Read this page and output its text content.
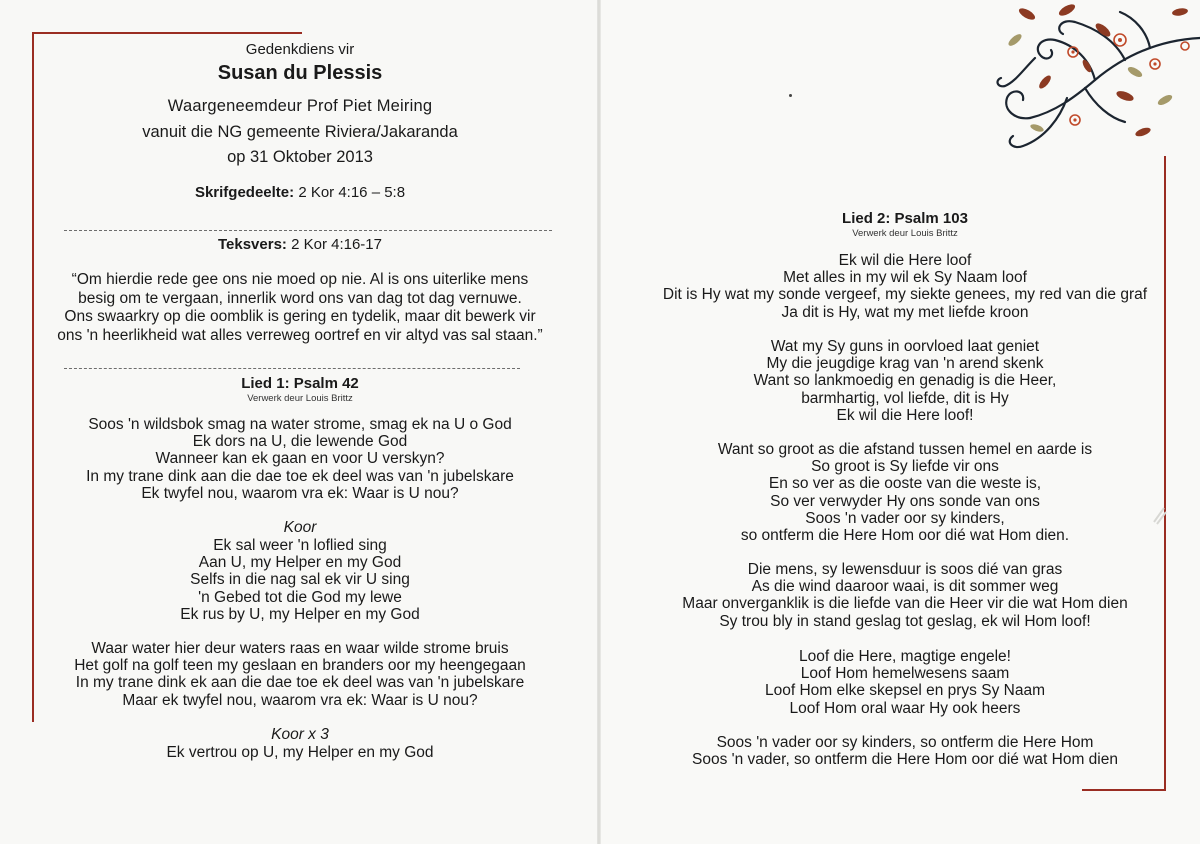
Gedenkdiens vir
Susan du Plessis
Waargeneemdeur Prof Piet Meiring
vanuit die NG gemeente Riviera/Jakaranda
op 31 Oktober 2013
Skrifgedeelte: 2 Kor 4:16 – 5:8
Teksvers: 2 Kor 4:16-17
“Om hierdie rede gee ons nie moed op nie. Al is ons uiterlike mens
besig om te vergaan, innerlik word ons van dag tot dag vernuwe.
Ons swaarkry op die oomblik is gering en tydelik, maar dit bewerk vir
ons 'n heerlikheid wat alles verreweg oortref en vir altyd vas sal staan.”
Lied 1: Psalm 42
Verwerk deur Louis Brittz
Soos 'n wildsbok smag na water strome, smag ek na U o God
Ek dors na U, die lewende God
Wanneer kan ek gaan en voor U verskyn?
In my trane dink aan die dae toe ek deel was van 'n jubelskare
Ek twyfel nou, waarom vra ek: Waar is U nou?
Koor
Ek sal weer 'n loflied sing
Aan U, my Helper en my God
Selfs in die nag sal ek vir U sing
'n Gebed tot die God my lewe
Ek rus by U, my Helper en my God
Waar water hier deur waters raas en waar wilde strome bruis
Het golf na golf teen my geslaan en branders oor my heengegaan
In my trane dink ek aan die dae toe ek deel was van 'n jubelskare
Maar ek twyfel nou, waarom vra ek: Waar is U nou?
Koor x 3
Ek vertrou op U, my Helper en my God
Lied 2: Psalm 103
Verwerk deur Louis Brittz
Ek wil die Here loof
Met alles in my wil ek Sy Naam loof
Dit is Hy wat my sonde vergeef, my siekte genees, my red van die graf
Ja dit is Hy, wat my met liefde kroon
Wat my Sy guns in oorvloed laat geniet
My die jeugdige krag van 'n arend skenk
Want so lankmoedig en genadig is die Heer,
barmhartig, vol liefde, dit is Hy
Ek wil die Here loof!
Want so groot as die afstand tussen hemel en aarde is
So groot is Sy liefde vir ons
En so ver as die ooste van die weste is,
So ver verwyder Hy ons sonde van ons
Soos 'n vader oor sy kinders,
so ontferm die Here Hom oor dié wat Hom dien.
Die mens, sy lewensduur is soos dié van gras
As die wind daaroor waai, is dit sommer weg
Maar onverganklik is die liefde van die Heer vir die wat Hom dien
Sy trou bly in stand geslag tot geslag, ek wil Hom loof!
Loof die Here, magtige engele!
Loof Hom hemelwesens saam
Loof Hom elke skepsel en prys Sy Naam
Loof Hom oral waar Hy ook heers
Soos 'n vader oor sy kinders, so ontferm die Here Hom
Soos 'n vader, so ontferm die Here Hom oor dié wat Hom dien
